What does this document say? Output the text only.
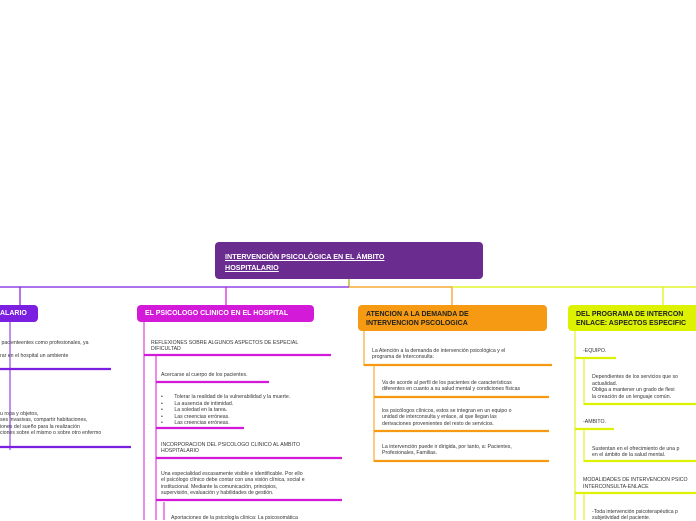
INTERVENCIÓN PSICOLÓGICA EN EL ÁMBITO
HOSPITALARIO
ALARIO
pacienteentes como profesionales, ya
rar en el hospital un ambiente
u ropa y objetos,
ses invasivas, compartir habitaciones,
iones del sueño para la realización
ciones sobre el mismo o sobre otro enfermo
EL PSICOLOGO CLINICO EN EL HOSPITAL
REFLEXIONES SOBRE ALGUNOS ASPECTOS DE ESPECIAL
DIFICULTAD
Acercarse al cuerpo de los pacientes.
•        Tolerar la realidad de la vulnerabilidad y la muerte.
•        La ausencia de intimidad.
•        La soledad en la tarea.
•        Las creencias erróneas.
•        Las creencias erróneas.
INCORPORACION DEL PSICOLOGO CLINICO AL AMBITO
HOSPITALARIO
Una especialidad escasamente visible e identificable. Por ello
el psicólogo clínico debe contar con una visión clínica, social e
institucional. Mediante la comunicación, principios,
supervisión, evaluación y habilidades de gestión.
Aportaciones de la psicología clínica: La psicosomática
ATENCION A LA DEMANDA DE
INTERVENCION PSCOLOGICA
La Atención a la demanda de intervención psicológica y el
programa de Interconsulta:
Va de acorde al perfil de los pacientes de características
diferentes en cuanto a su salud mental y condiciones físicas
los psicólogos clínicos, estos se integran en un equipo o
unidad de interconsulta y enlace, al que llegan las
derivaciones provenientes del resto de servicios.
La intervención puede ir dirigida, por tanto, a: Pacientes,
Profesionales, Familias.
DEL PROGRAMA DE INTERCON
ENLACE: ASPECTOS ESPECIFIC
-EQUIPO.
Dependientes de los servicios que so
actualidad.
Obliga a mantener un grado de flexi
la creación de un lenguaje común.
-AMBITO.
Sustentan en el ofrecimiento de una p
en el ámbito de la salud mental.
MODALIDADES DE INTERVENCION PSICO
INTERCONSULTA-ENLACE
-Toda intervención psicoterapéutica p
subjetividad del paciente.
